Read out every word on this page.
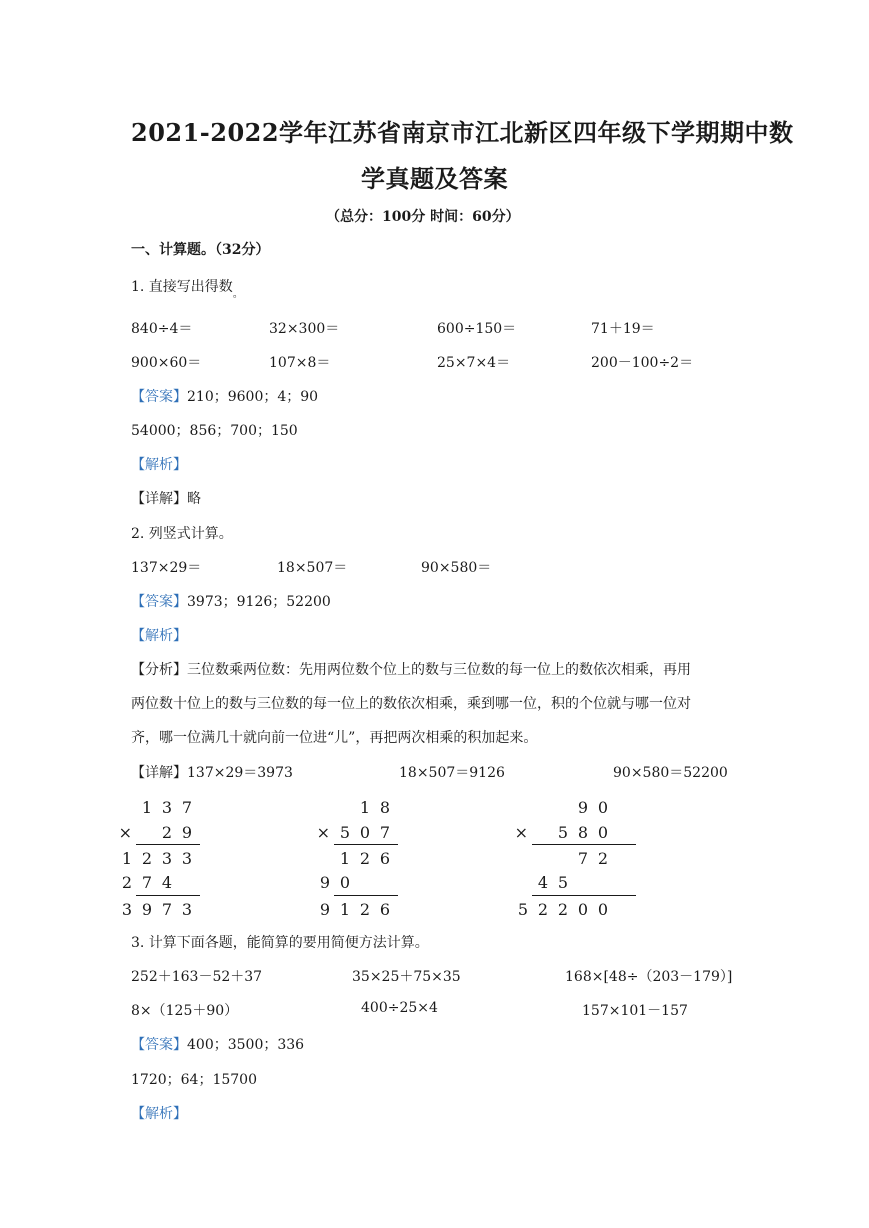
2021-2022学年江苏省南京市江北新区四年级下学期期中数
学真题及答案
（总分：100分 时间：60分）
一、计算题。（32分）
1. 直接写出得数$_。$
840÷4＝	32×300＝	600÷150＝	71＋19＝
900×60＝	107×8＝	25×7×4＝	200－100÷2＝
【答案】210；9600；4；90
54000；856；700；150
【解析】
【详解】略
2. 列竖式计算。
137×29＝	18×507＝	90×580＝
【答案】3973；9126；52200
【解析】
【分析】三位数乘两位数：先用两位数个位上的数与三位数的每一位上的数依次相乘，再用
两位数十位上的数与三位数的每一位上的数依次相乘，乘到哪一位，积的个位就与哪一位对
齐，哪一位满几十就向前一位进“儿”，再把两次相乘的积加起来。
【详解】137×29＝3973	18×507＝9126	90×580＝52200
1 3 7
×	2 9
1 2 3 3
2 7 4
3 9 7 3
1 8
× 5 0 7
1 2 6
9 0
9 1 2 6
9 0
×	5 8 0
7 2
4 5
5 2 2 0 0
3. 计算下面各题，能简算的要用简便方法计算。
252＋163－52＋37	35×25＋75×35	168×[48÷（203－179）]
8×（125＋90）	400÷25×4	157×101－157
【答案】400；3500；336
1720；64；15700
【解析】
